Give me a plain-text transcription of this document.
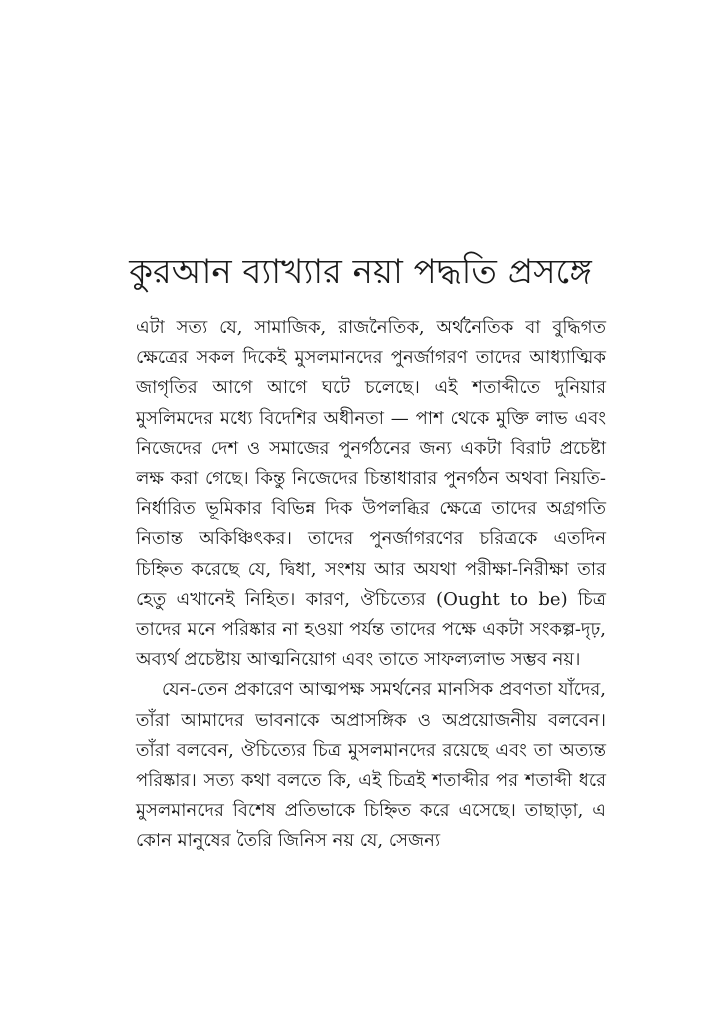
কুরআন ব্যাখ্যার নয়া পদ্ধতি প্রসঙ্গে

এটা সত্য যে, সামাজিক, রাজনৈতিক, অর্থনৈতিক বা বুদ্ধিগত ক্ষেত্রের সকল দিকেই মুসলমানদের পুনর্জাগরণ তাদের আধ্যাত্মিক জাগৃতির আগে আগে ঘটে চলেছে। এই শতাব্দীতে দুনিয়ার মুসলিমদের মধ্যে বিদেশির অধীনতা — পাশ থেকে মুক্তি লাভ এবং নিজেদের দেশ ও সমাজের পুনর্গঠনের জন্য একটা বিরাট প্রচেষ্টা লক্ষ করা গেছে। কিন্তু নিজেদের চিন্তাধারার পুনর্গঠন অথবা নিয়তি-নির্ধারিত ভূমিকার বিভিন্ন দিক উপলব্ধির ক্ষেত্রে তাদের অগ্রগতি নিতান্ত অকিঞ্চিৎকর। তাদের পুনর্জাগরণের চরিত্রকে এতদিন চিহ্নিত করেছে যে, দ্বিধা, সংশয় আর অযথা পরীক্ষা-নিরীক্ষা তার হেতু এখানেই নিহিত। কারণ, ঔচিত্যের (Ought to be) চিত্র তাদের মনে পরিষ্কার না হওয়া পর্যন্ত তাদের পক্ষে একটা সংকল্প-দৃঢ়, অব্যর্থ প্রচেষ্টায় আত্মনিয়োগ এবং তাতে সাফল্যলাভ সম্ভব নয়।

যেন-তেন প্রকারেণ আত্মপক্ষ সমর্থনের মানসিক প্রবণতা যাঁদের, তাঁরা আমাদের ভাবনাকে অপ্রাসঙ্গিক ও অপ্রয়োজনীয় বলবেন। তাঁরা বলবেন, ঔচিত্যের চিত্র মুসলমানদের রয়েছে এবং তা অত্যন্ত পরিষ্কার। সত্য কথা বলতে কি, এই চিত্রই শতাব্দীর পর শতাব্দী ধরে মুসলমানদের বিশেষ প্রতিভাকে চিহ্নিত করে এসেছে। তাছাড়া, এ কোন মানুষের তৈরি জিনিস নয় যে, সেজন্য
